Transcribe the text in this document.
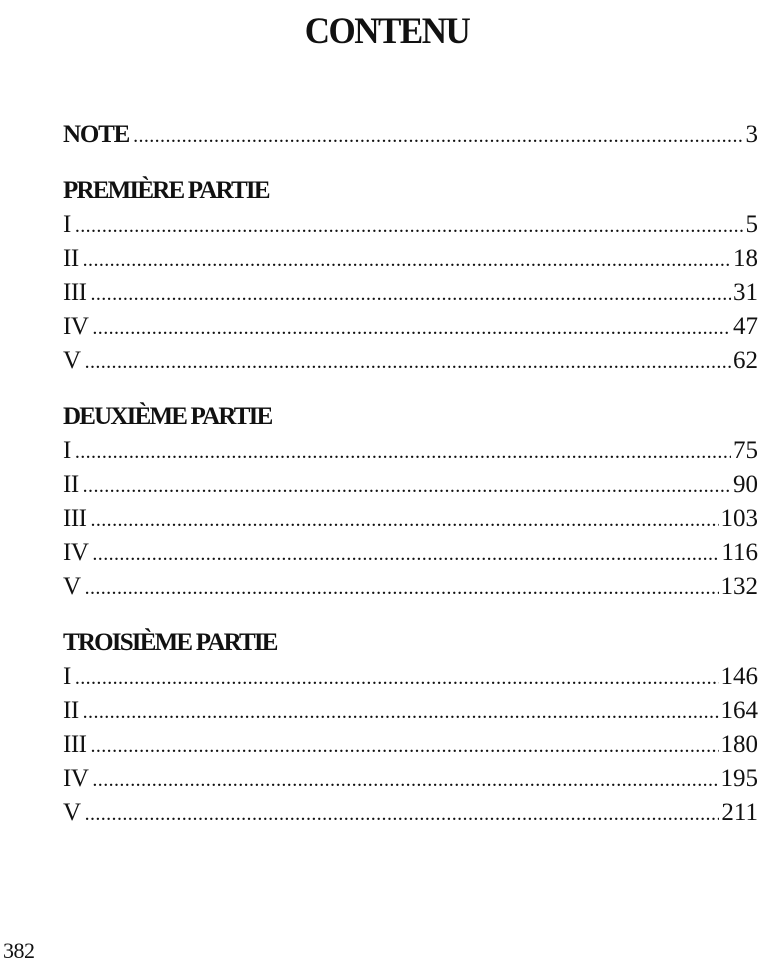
CONTENU
NOTE .....	3
PREMIÈRE PARTIE
I .....	5
II .....	18
III .....	31
IV .....	47
V .....	62
DEUXIÈME PARTIE
I .....	75
II .....	90
III .....	103
IV .....	116
V .....	132
TROISIÈME PARTIE
I .....	146
II .....	164
III .....	180
IV .....	195
V .....	211
382
